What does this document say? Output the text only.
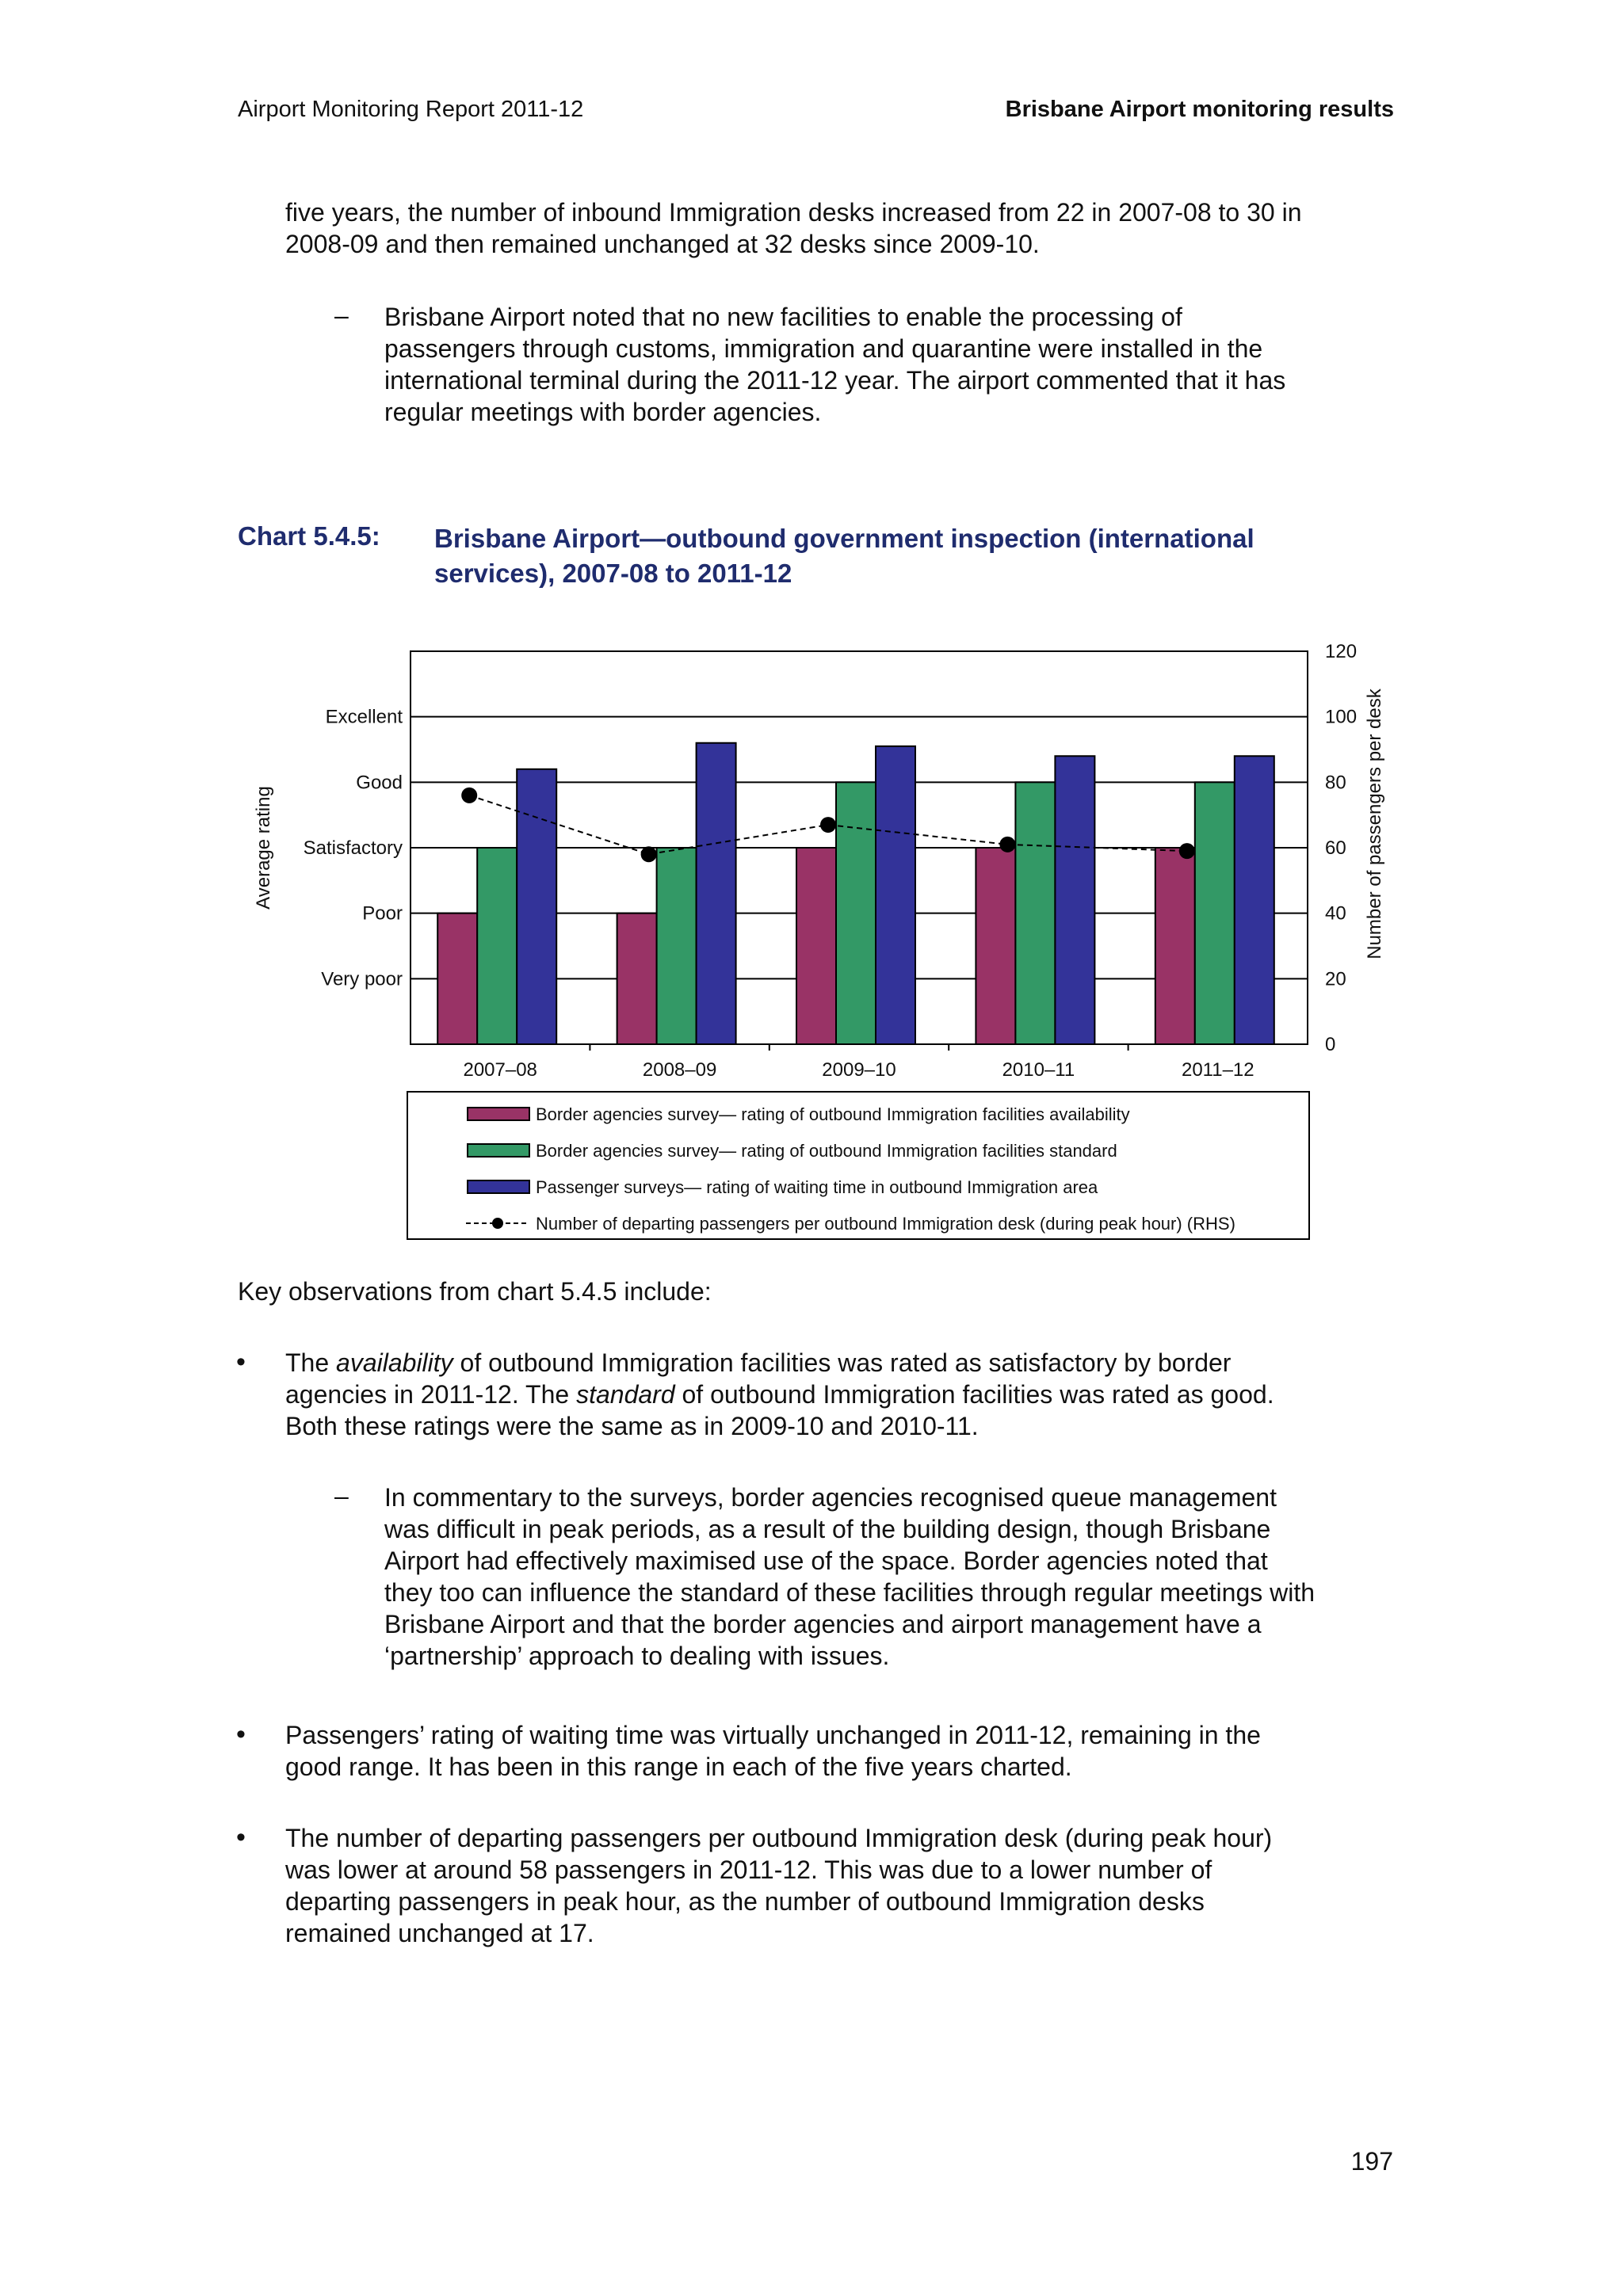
Airport Monitoring Report 2011-12	Brisbane Airport monitoring results

five years, the number of inbound Immigration desks increased from 22 in 2007-08 to 30 in
2008-09 and then remained unchanged at 32 desks since 2009-10.

– Brisbane Airport noted that no new facilities to enable the processing of
passengers through customs, immigration and quarantine were installed in the
international terminal during the 2011-12 year. The airport commented that it has
regular meetings with border agencies.

Chart 5.4.5: Brisbane Airport—outbound government inspection (international
services), 2007-08 to 2011-12
Very poor
Poor
Satisfactory
Good
Excellent
0
20
40
60
80
100
120
Average rating	Number of passengers per desk
2007–08	2008–09	2009–10	2010–11	2011–12
Border agencies survey— rating of outbound Immigration facilities availability
Border agencies survey— rating of outbound Immigration facilities standard
Passenger surveys— rating of waiting time in outbound Immigration area
Number of departing passengers per outbound Immigration desk (during peak hour) (RHS)
Key observations from chart 5.4.5 include:
• The availability of outbound Immigration facilities was rated as satisfactory by border
agencies in 2011-12. The standard of outbound Immigration facilities was rated as good.
Both these ratings were the same as in 2009-10 and 2010-11.

– In commentary to the surveys, border agencies recognised queue management
was difficult in peak periods, as a result of the building design, though Brisbane
Airport had effectively maximised use of the space. Border agencies noted that
they too can influence the standard of these facilities through regular meetings with
Brisbane Airport and that the border agencies and airport management have a
‘partnership’ approach to dealing with issues.

• Passengers’ rating of waiting time was virtually unchanged in 2011-12, remaining in the
good range. It has been in this range in each of the five years charted.

• The number of departing passengers per outbound Immigration desk (during peak hour)
was lower at around 58 passengers in 2011-12. This was due to a lower number of
departing passengers in peak hour, as the number of outbound Immigration desks
remained unchanged at 17.

197
